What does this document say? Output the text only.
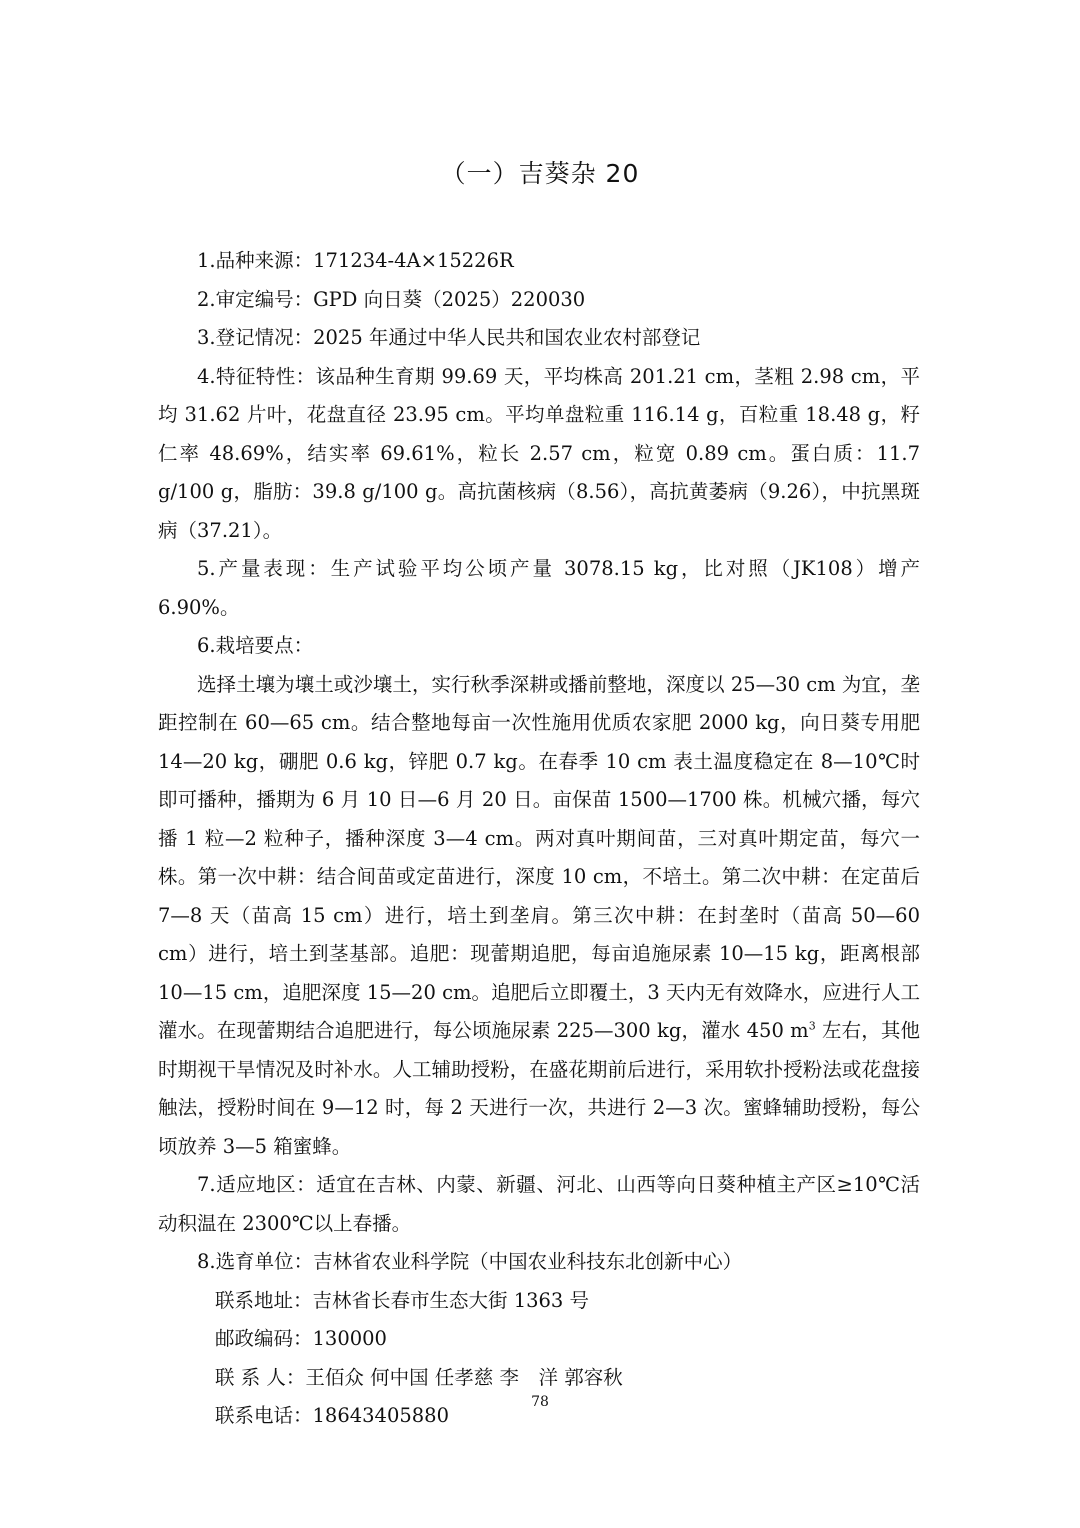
（一）吉葵杂 20

1.品种来源：171234-4A×15226R

2.审定编号：GPD 向日葵（2025）220030

3.登记情况：2025 年通过中华人民共和国农业农村部登记

4.特征特性：该品种生育期 99.69 天，平均株高 201.21 cm，茎粗 2.98 cm，平均 31.62 片叶，花盘直径 23.95 cm。平均单盘粒重 116.14 g，百粒重 18.48 g，籽仁率 48.69%，结实率 69.61%，粒长 2.57 cm，粒宽 0.89 cm。蛋白质：11.7 g/100 g，脂肪：39.8 g/100 g。高抗菌核病（8.56），高抗黄萎病（9.26），中抗黑斑病（37.21）。

5.产量表现：生产试验平均公顷产量 3078.15 kg，比对照（JK108）增产 6.90%。

6.栽培要点：

选择土壤为壤土或沙壤土，实行秋季深耕或播前整地，深度以 25—30 cm 为宜，垄距控制在 60—65 cm。结合整地每亩一次性施用优质农家肥 2000 kg，向日葵专用肥 14—20 kg，硼肥 0.6 kg，锌肥 0.7 kg。在春季 10 cm 表土温度稳定在 8—10℃时即可播种，播期为 6 月 10 日—6 月 20 日。亩保苗 1500—1700 株。机械穴播，每穴播 1 粒—2 粒种子，播种深度 3—4 cm。两对真叶期间苗，三对真叶期定苗，每穴一株。第一次中耕：结合间苗或定苗进行，深度 10 cm，不培土。第二次中耕：在定苗后 7—8 天（苗高 15 cm）进行，培土到垄肩。第三次中耕：在封垄时（苗高 50—60 cm）进行，培土到茎基部。追肥：现蕾期追肥，每亩追施尿素 10—15 kg，距离根部 10—15 cm，追肥深度 15—20 cm。追肥后立即覆土，3 天内无有效降水，应进行人工灌水。在现蕾期结合追肥进行，每公顷施尿素 225—300 kg，灌水 450 $m^3$ 左右，其他时期视干旱情况及时补水。人工辅助授粉，在盛花期前后进行，采用软扑授粉法或花盘接触法，授粉时间在 9—12 时，每 2 天进行一次，共进行 2—3 次。蜜蜂辅助授粉，每公顷放养 3—5 箱蜜蜂。

7.适应地区：适宜在吉林、内蒙、新疆、河北、山西等向日葵种植主产区≥10℃活动积温在 2300℃以上春播。

8.选育单位：吉林省农业科学院（中国农业科技东北创新中心）

联系地址：吉林省长春市生态大街 1363 号

邮政编码：130000

联 系 人：王佰众 何中国 任孝慈 李　洋 郭容秋

联系电话：18643405880

78
